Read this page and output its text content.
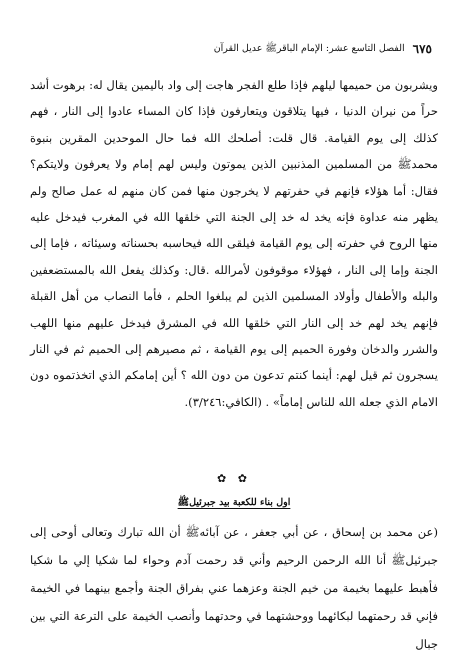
٦٧٥
الفصل التاسع عشر: الإمام الباقرﷺ عديل القرآن

ويشربون من حميمها ليلهم فإذا طلع الفجر هاجت إلى واد باليمين يقال له: برهوت أشد حراً من نيران الدنيا ، فيها يتلاقون ويتعارفون فإذا كان المساء عادوا إلى النار ، فهم كذلك إلى يوم القيامة. قال قلت: أصلحك الله فما حال الموحدين المقرين بنبوة محمدﷺ من المسلمين المذنبين الذين يموتون وليس لهم إمام ولا يعرفون ولايتكم؟ فقال: أما هؤلاء فإنهم في حفرتهم لا يخرجون منها فمن كان منهم له عمل صالح ولم يظهر منه عداوة فإنه يخد له خد إلى الجنة التي خلقها الله في المغرب فيدخل عليه منها الروح في حفرته إلى يوم القيامة فيلقى الله فيحاسبه بحسناته وسيئاته ، فإما إلى الجنة وإما إلى النار ، فهؤلاء موقوفون لأمرالله .قال: وكذلك يفعل الله بالمستضعفين والبله والأطفال وأولاد المسلمين الذين لم يبلغوا الحلم ، فأما النصاب من أهل القبلة فإنهم يخد لهم خد إلى النار التي خلقها الله في المشرق فيدخل عليهم منها اللهب والشرر والدخان وفورة الحميم إلى يوم القيامة ، ثم مصيرهم إلى الحميم ثم في النار يسجرون ثم قيل لهم: أينما كنتم تدعون من دون الله ؟ أين إمامكم الذي اتخذتموه دون الامام الذي جعله الله للناس إماماً» . (الكافي:٣/٢٤٦).

✿ ✿
اول بناء للكعبة بيد جبرئيلﷺ

(عن محمد بن إسحاق ، عن أبي جعفر ، عن آبائهﷺ أن الله تبارك وتعالى أوحى إلى جبرئيلﷺ أنا الله الرحمن الرحيم وأني قد رحمت آدم وحواء لما شكيا إلي ما شكيا فأهبط عليهما بخيمة من خيم الجنة وعزهما عني بفراق الجنة وأجمع بينهما في الخيمة فإني قد رحمتهما لبكائهما ووحشتهما في وحدتهما وأنصب الخيمة على الترعة التي بين جبال
